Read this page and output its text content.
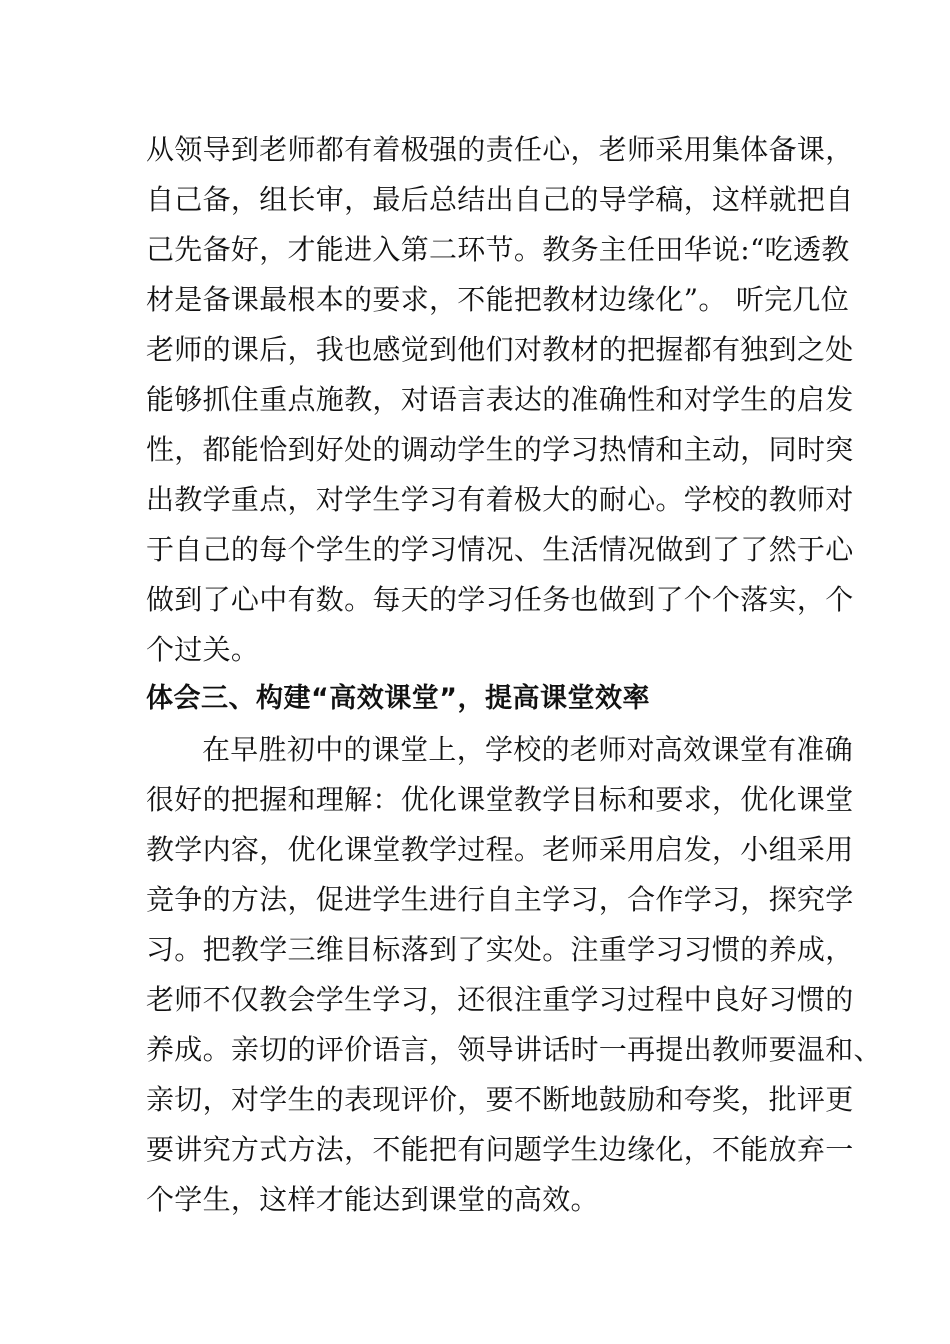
从领导到老师都有着极强的责任心，老师采用集体备课，
自己备，组长审，最后总结出自己的导学稿，这样就把自
己先备好，才能进入第二环节。教务主任田华说:“吃透教
材是备课最根本的要求，不能把教材边缘化”。 听完几位
老师的课后，我也感觉到他们对教材的把握都有独到之处
能够抓住重点施教，对语言表达的准确性和对学生的启发
性，都能恰到好处的调动学生的学习热情和主动，同时突
出教学重点，对学生学习有着极大的耐心。学校的教师对
于自己的每个学生的学习情况、生活情况做到了了然于心
做到了心中有数。每天的学习任务也做到了个个落实，个
个过关。
体会三、构建“高效课堂”，提高课堂效率
在早胜初中的课堂上，学校的老师对高效课堂有准确
很好的把握和理解：优化课堂教学目标和要求，优化课堂
教学内容，优化课堂教学过程。老师采用启发，小组采用
竞争的方法，促进学生进行自主学习，合作学习，探究学
习。把教学三维目标落到了实处。注重学习习惯的养成，
老师不仅教会学生学习，还很注重学习过程中良好习惯的
养成。亲切的评价语言，领导讲话时一再提出教师要温和、
亲切，对学生的表现评价，要不断地鼓励和夸奖，批评更
要讲究方式方法，不能把有问题学生边缘化，不能放弃一
个学生，这样才能达到课堂的高效。
